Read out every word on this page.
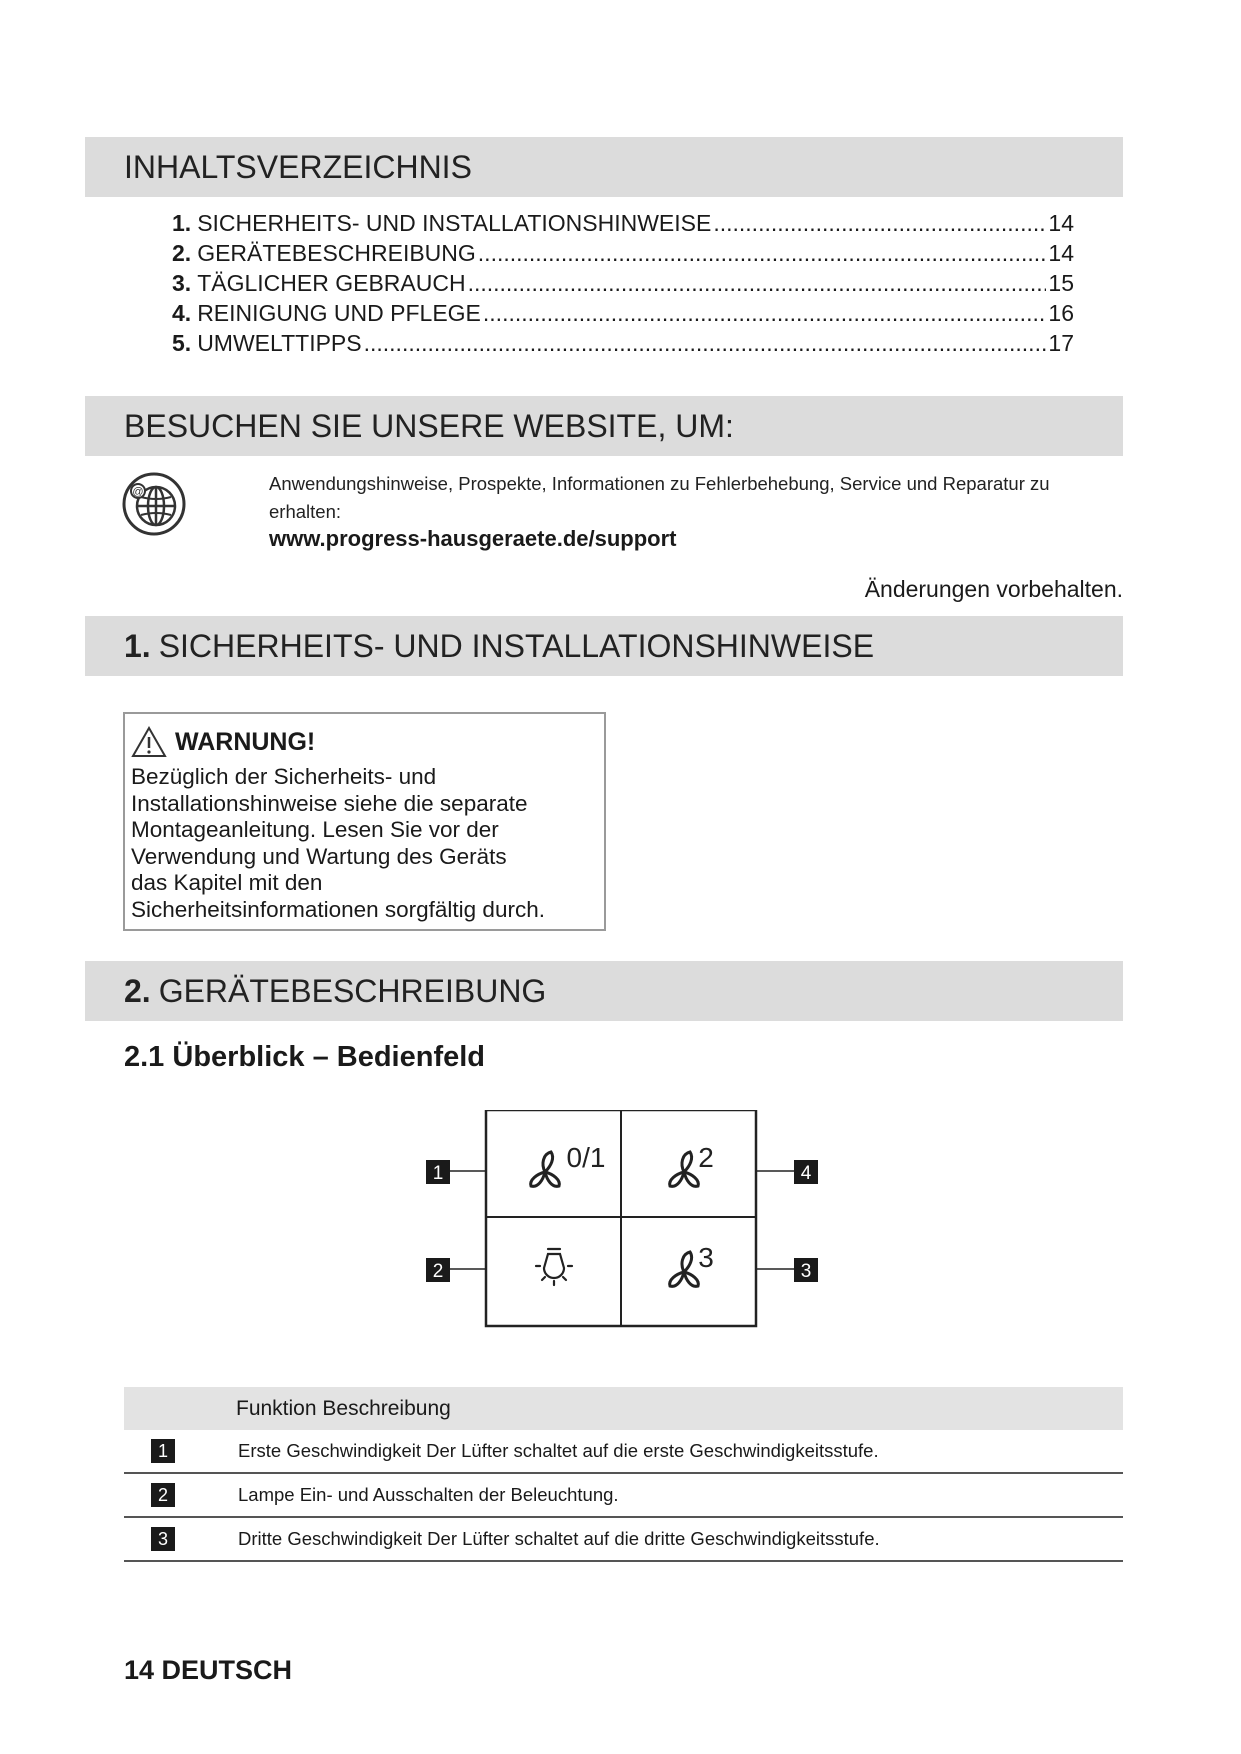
INHALTSVERZEICHNIS
1. SICHERHEITS- UND INSTALLATIONSHINWEISE .....	14
2. GERÄTEBESCHREIBUNG .....	14
3. TÄGLICHER GEBRAUCH .....	15
4. REINIGUNG UND PFLEGE .....	16
5. UMWELTTIPPS .....	17
BESUCHEN SIE UNSERE WEBSITE, UM:
@	Anwendungshinweise, Prospekte, Informationen zu Fehlerbehebung, Service und Reparatur zu erhalten:
www.progress-hausgeraete.de/support
Änderungen vorbehalten.
1. SICHERHEITS- UND INSTALLATIONSHINWEISE
WARNUNG!
Bezüglich der Sicherheits- und
Installationshinweise siehe die separate
Montageanleitung. Lesen Sie vor der
Verwendung und Wartung des Geräts
das Kapitel mit den
Sicherheitsinformationen sorgfältig durch.
2. GERÄTEBESCHREIBUNG
2.1 Überblick – Bedienfeld
1
2	3
4
0/1	2
3
Funktion Beschreibung
1	Erste Geschwindigkeit Der Lüfter schaltet auf die erste Geschwindigkeitsstufe.
2	Lampe Ein- und Ausschalten der Beleuchtung.
3	Dritte Geschwindigkeit Der Lüfter schaltet auf die dritte Geschwindigkeitsstufe.
14 DEUTSCH
